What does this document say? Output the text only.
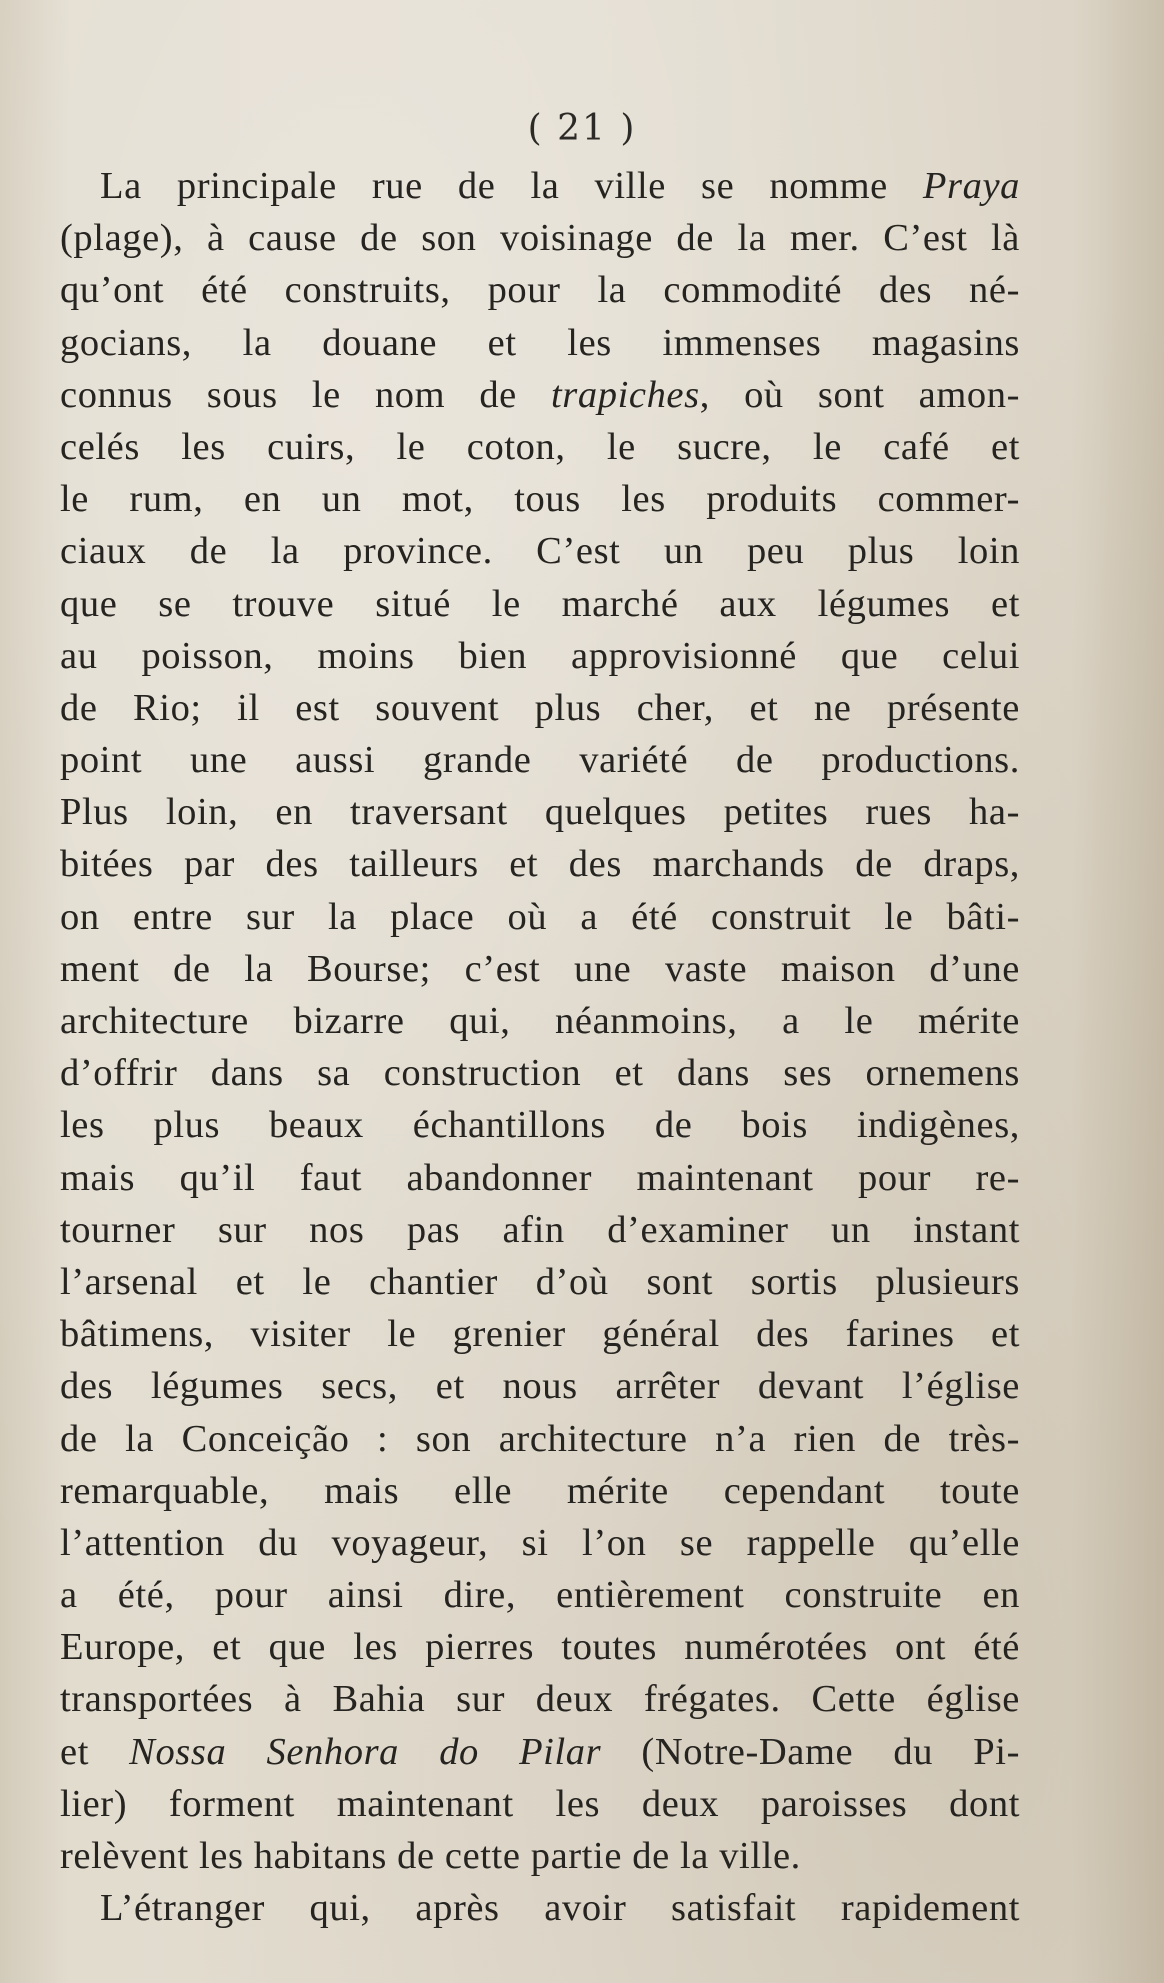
( 21 )
La principale rue de la ville se nomme Praya
(plage), à cause de son voisinage de la mer. C’est là
qu’ont été construits, pour la commodité des né-
gocians, la douane et les immenses magasins
connus sous le nom de trapiches, où sont amon-
celés les cuirs, le coton, le sucre, le café et
le rum, en un mot, tous les produits commer-
ciaux de la province. C’est un peu plus loin
que se trouve situé le marché aux légumes et
au poisson, moins bien approvisionné que celui
de Rio; il est souvent plus cher, et ne présente
point une aussi grande variété de productions.
Plus loin, en traversant quelques petites rues ha-
bitées par des tailleurs et des marchands de draps,
on entre sur la place où a été construit le bâti-
ment de la Bourse; c’est une vaste maison d’une
architecture bizarre qui, néanmoins, a le mérite
d’offrir dans sa construction et dans ses ornemens
les plus beaux échantillons de bois indigènes,
mais qu’il faut abandonner maintenant pour re-
tourner sur nos pas afin d’examiner un instant
l’arsenal et le chantier d’où sont sortis plusieurs
bâtimens, visiter le grenier général des farines et
des légumes secs, et nous arrêter devant l’église
de la Conceição : son architecture n’a rien de très-
remarquable, mais elle mérite cependant toute
l’attention du voyageur, si l’on se rappelle qu’elle
a été, pour ainsi dire, entièrement construite en
Europe, et que les pierres toutes numérotées ont été
transportées à Bahia sur deux frégates. Cette église
et Nossa Senhora do Pilar (Notre-Dame du Pi-
lier) forment maintenant les deux paroisses dont
relèvent les habitans de cette partie de la ville.
L’étranger qui, après avoir satisfait rapidement
